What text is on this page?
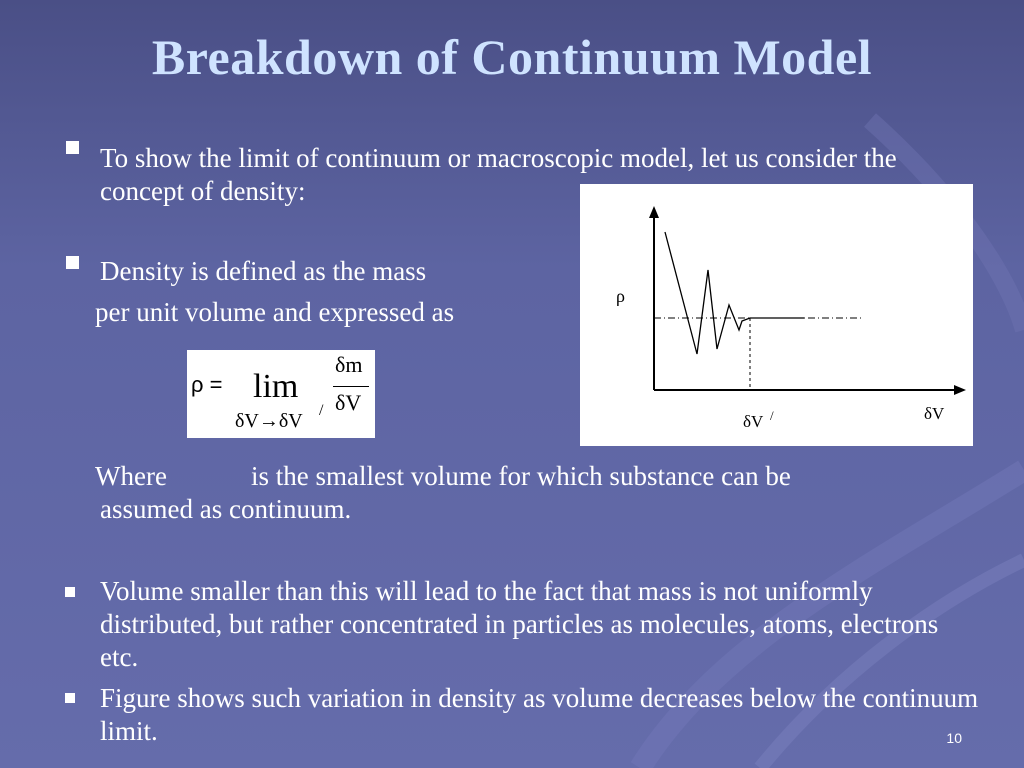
Breakdown of Continuum Model
To show the limit of continuum or macroscopic model, let us consider the concept of density:
Density is defined as the mass
per unit volume and expressed as
ρ = lim
δV→δV /
δm
δV
ρ
δV
δV /
Where	is the smallest volume for which substance can be
assumed as continuum.
Volume smaller than this will lead to the fact that mass is not uniformly distributed, but rather concentrated in particles as molecules, atoms, electrons etc.
Figure shows such variation in density as volume decreases below the continuum limit.	10
